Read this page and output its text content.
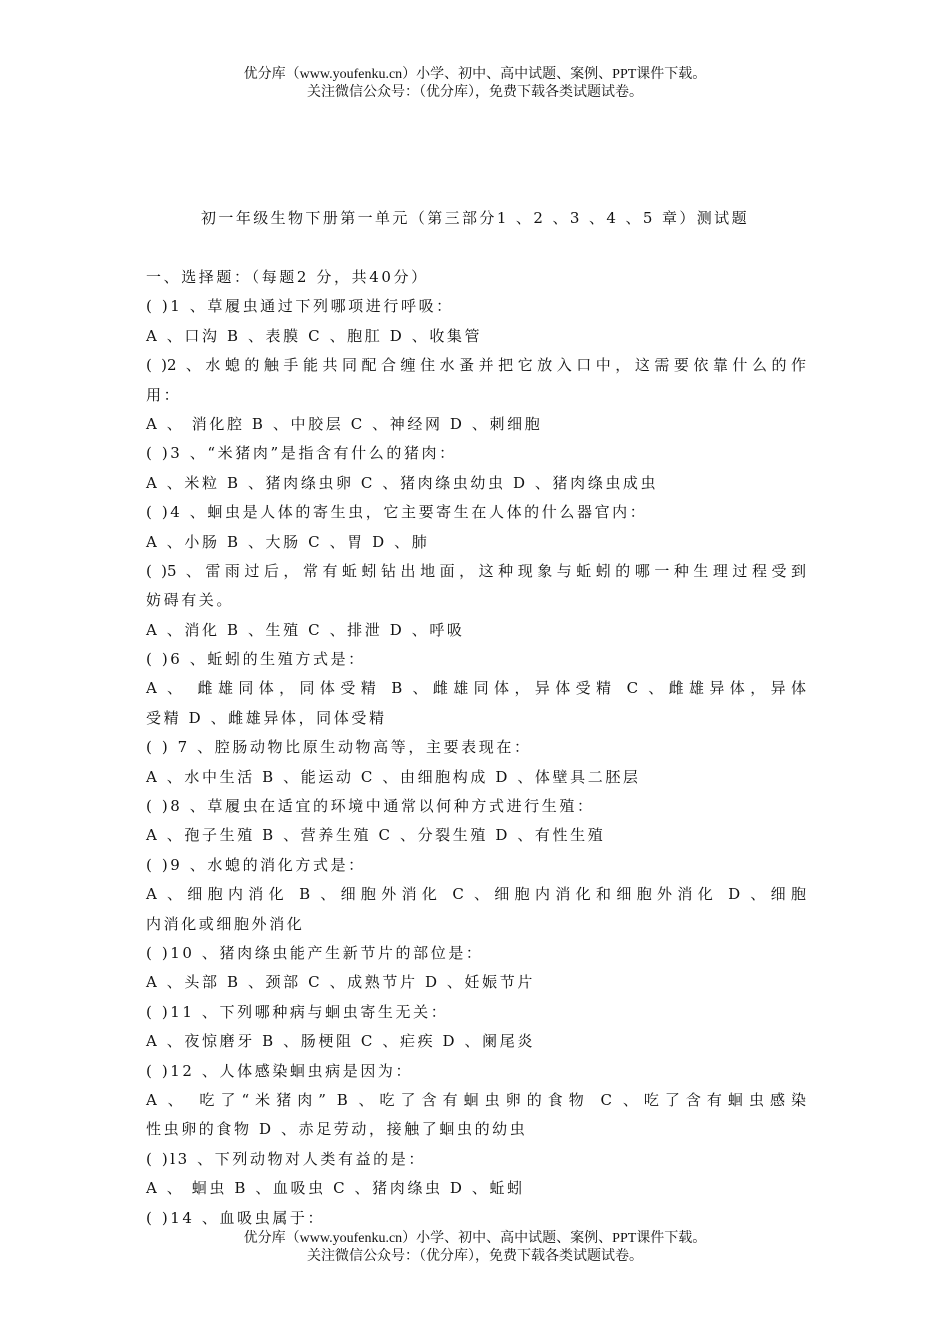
优分库（www.youfenku.cn）小学、初中、高中试题、案例、PPT课件下载。
关注微信公众号：（优分库），免费下载各类试题试卷。
初一年级生物下册第一单元（第三部分1 、2 、3 、4 、5 章）测试题
一、选择题：（每题2 分，共40分）
( )1 、草履虫通过下列哪项进行呼吸：
A 、口沟 B 、表膜 C 、胞肛 D 、收集管
( )2 、水螅的触手能共同配合缠住水蚤并把它放入口中，这需要依靠什么的作
用：
A 、 消化腔 B 、中胶层 C 、神经网 D 、刺细胞
( )3 、“米猪肉”是指含有什么的猪肉：
A 、米粒 B 、猪肉绦虫卵 C 、猪肉绦虫幼虫 D 、猪肉绦虫成虫
( )4 、蛔虫是人体的寄生虫，它主要寄生在人体的什么器官内：
A 、小肠 B 、大肠 C 、胃 D 、肺
( )5 、雷雨过后，常有蚯蚓钻出地面，这种现象与蚯蚓的哪一种生理过程受到
妨碍有关。
A 、消化 B 、生殖 C 、排泄 D 、呼吸
( )6 、蚯蚓的生殖方式是：
A 、 雌雄同体，同体受精 B 、雌雄同体，异体受精 C 、雌雄异体，异体
受精 D 、雌雄异体，同体受精
( ) 7 、腔肠动物比原生动物高等，主要表现在：
A 、水中生活 B 、能运动 C 、由细胞构成 D 、体壁具二胚层
( )8 、草履虫在适宜的环境中通常以何种方式进行生殖：
A 、孢子生殖 B 、营养生殖 C 、分裂生殖 D 、有性生殖
( )9 、水螅的消化方式是：
A 、细胞内消化 B 、细胞外消化 C 、细胞内消化和细胞外消化 D 、细胞
内消化或细胞外消化
( )10 、猪肉绦虫能产生新节片的部位是：
A 、头部 B 、颈部 C 、成熟节片 D 、妊娠节片
( )11 、下列哪种病与蛔虫寄生无关：
A 、夜惊磨牙 B 、肠梗阻 C 、疟疾 D 、阑尾炎
( )12 、人体感染蛔虫病是因为：
A 、 吃了“米猪肉” B 、吃了含有蛔虫卵的食物 C 、吃了含有蛔虫感染
性虫卵的食物 D 、赤足劳动，接触了蛔虫的幼虫
( )l3 、下列动物对人类有益的是：
A 、 蛔虫 B 、血吸虫 C 、猪肉绦虫 D 、蚯蚓
( )14 、血吸虫属于：
优分库（www.youfenku.cn）小学、初中、高中试题、案例、PPT课件下载。
关注微信公众号：（优分库），免费下载各类试题试卷。
